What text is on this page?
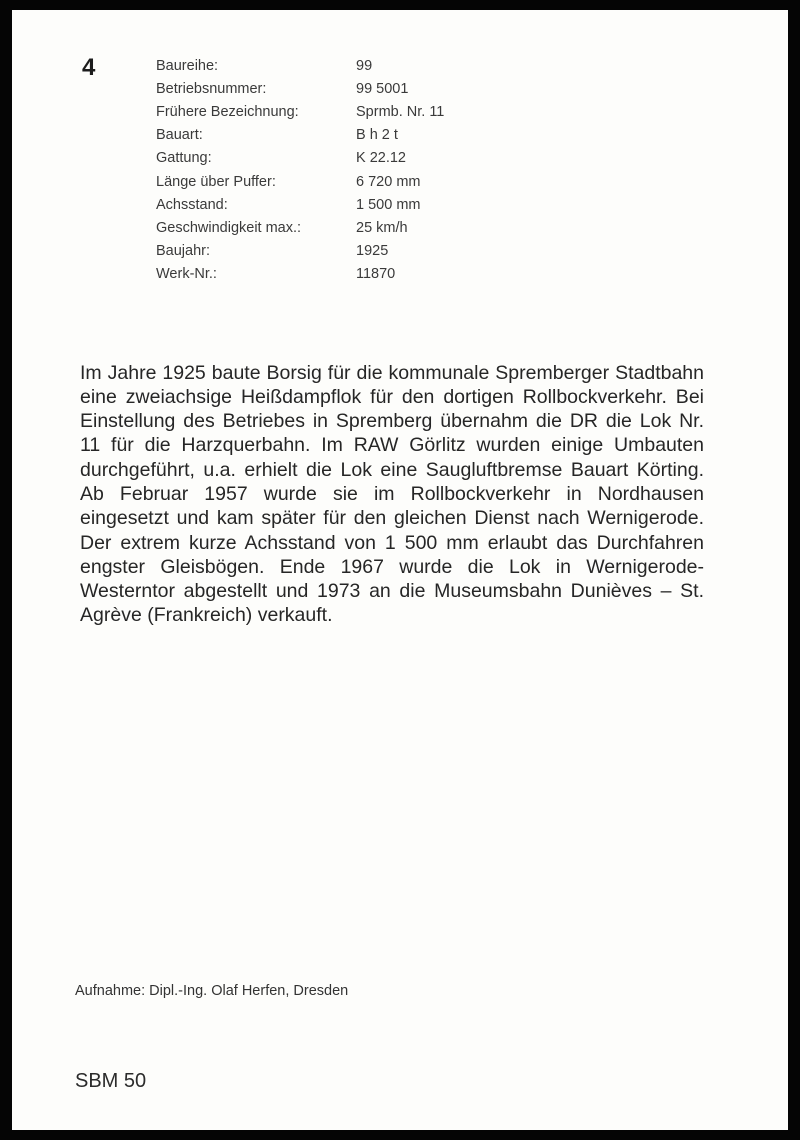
4	Baureihe:	99
Betriebsnummer:	99 5001
Frühere Bezeichnung:	Sprmb. Nr. 11
Bauart:	B h 2 t
Gattung:	K 22.12
Länge über Puffer:	6 720 mm
Achsstand:	1 500 mm
Geschwindigkeit max.:	25 km/h
Baujahr:	1925
Werk-Nr.:	11870

Im Jahre 1925 baute Borsig für die kommunale Spremberger Stadtbahn eine zweiachsige Heißdampflok für den dortigen Rollbockverkehr. Bei Einstellung des Betriebes in Spremberg übernahm die DR die Lok Nr. 11 für die Harzquerbahn. Im RAW Görlitz wurden einige Umbauten durchgeführt, u.a. erhielt die Lok eine Saugluftbremse Bauart Körting. Ab Februar 1957 wurde sie im Rollbockverkehr in Nordhausen eingesetzt und kam später für den gleichen Dienst nach Wernigerode. Der extrem kurze Achsstand von 1 500 mm erlaubt das Durchfahren engster Gleisbögen. Ende 1967 wurde die Lok in Wernigerode-Westerntor abgestellt und 1973 an die Museumsbahn Dunièves – St. Agrève (Frankreich) verkauft.

Aufnahme: Dipl.-Ing. Olaf Herfen, Dresden
SBM 50
